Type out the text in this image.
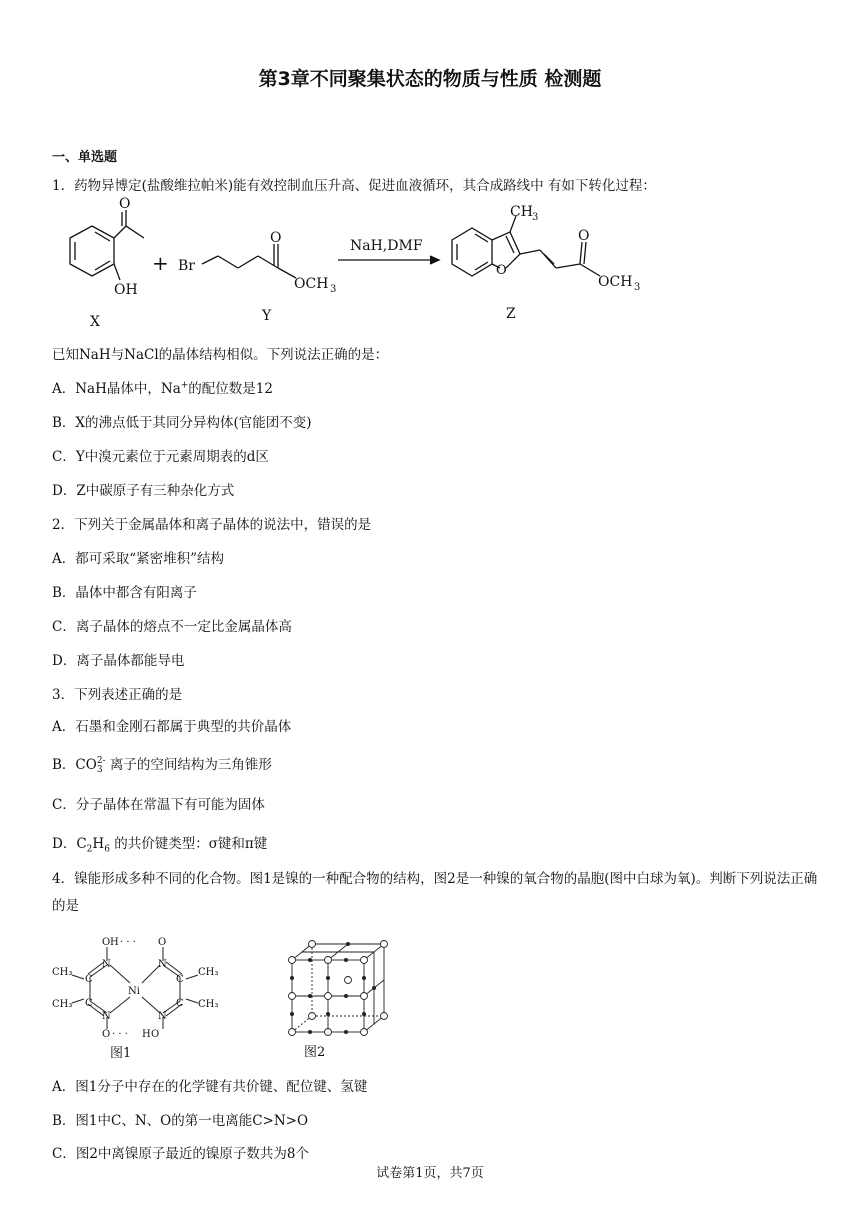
第3章不同聚集状态的物质与性质 检测题
一、单选题
1．药物异博定(盐酸维拉帕米)能有效控制血压升高、促进血液循环，其合成路线中 有如下转化过程：
O
OH
X
+ Br
O
OCH 3
Y
NaH,DMF
O
CH 3
O
OCH 3
Z
已知NaH与NaCl的晶体结构相似。下列说法正确的是：
A．NaH晶体中，Na+的配位数是12
B．X的沸点低于其同分异构体(官能团不变)
C．Y中溴元素位于元素周期表的d区
D．Z中碳原子有三种杂化方式
2．下列关于金属晶体和离子晶体的说法中，错误的是
A．都可采取“紧密堆积”结构
B．晶体中都含有阳离子
C．离子晶体的熔点不一定比金属晶体高
D．离子晶体都能导电
3．下列表述正确的是
A．石墨和金刚石都属于典型的共价晶体
B．CO 2-
3 离子的空间结构为三角锥形
C．分子晶体在常温下有可能为固体
D．$C_2H_6$ 的共价键类型：σ键和π键
4．镍能形成多种不同的化合物。图1是镍的一种配合物的结构，图2是一种镍的氧合物的晶胞(图中白球为氧)。判断下列说法正确的是
O H · · · O
N	N
C	C
C	C
Ni
N	N
O · · · H O
CH₃
CH₃
CH₃
CH₃
图1	图2
A．图1分子中存在的化学键有共价键、配位键、氢键
B．图1中C、N、O的第一电离能C>N>O
C．图2中离镍原子最近的镍原子数共为8个
试卷第1页，共7页
